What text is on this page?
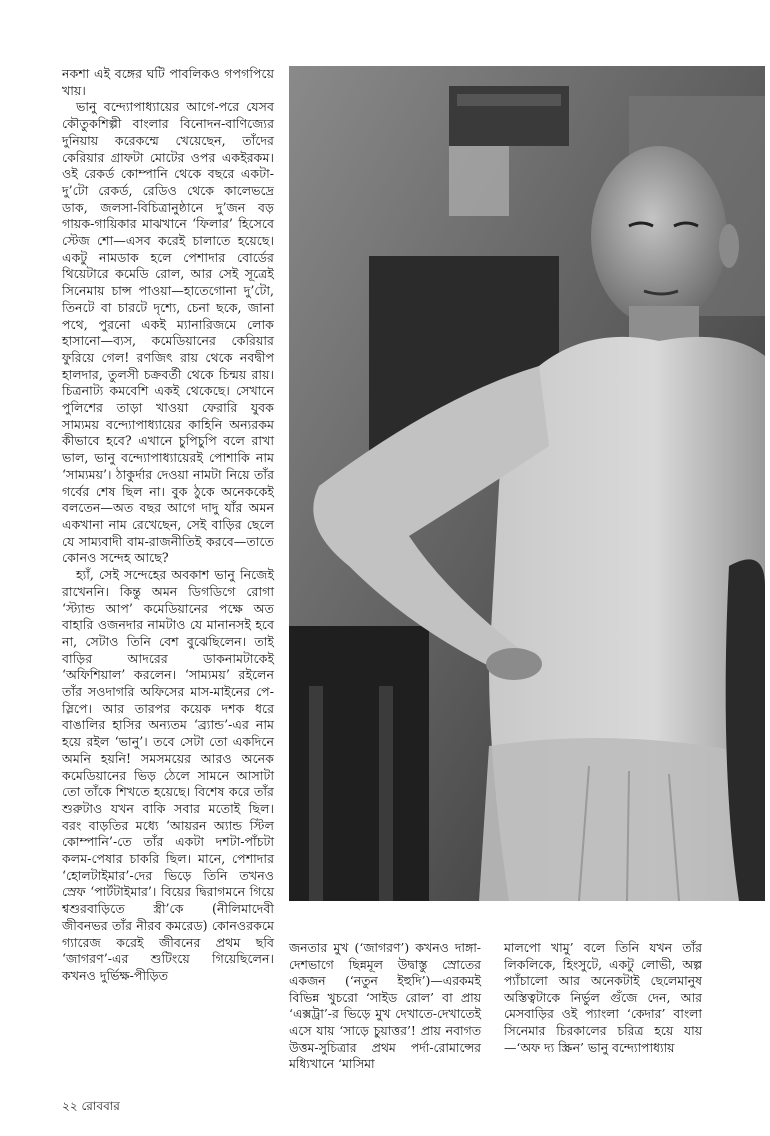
নকশা এই বঙ্গের ঘটি পাবলিকও গপগপিয়ে খায়।

ভানু বন্দ্যোপাধ্যায়ের আগে-পরে যেসব কৌতুকশিল্পী বাংলার বিনোদন-বাণিজ্যের দুনিয়ায় করেকম্মে খেয়েছেন, তাঁদের কেরিয়ার গ্রাফটা মোটের ওপর একইরকম। ওই রেকর্ড কোম্পানি থেকে বছরে একটা-দু’টো রেকর্ড, রেডিও থেকে কালেভদ্রে ডাক, জলসা-বিচিত্রানুষ্ঠানে দু’জন বড় গায়ক-গায়িকার মাঝখানে ‘ফিলার’ হিসেবে স্টেজ শো—এসব করেই চালাতে হয়েছে। একটু নামডাক হলে পেশাদার বোর্ডের থিয়েটারে কমেডি রোল, আর সেই সূত্রেই সিনেমায় চান্স পাওয়া—হাতেগোনা দু’টো, তিনটে বা চারটে দৃশ্যে, চেনা ছকে, জানা পথে, পুরনো একই ম্যানারিজমে লোক হাসানো—ব্যস, কমেডিয়ানের কেরিয়ার ফুরিয়ে গেল! রণজিৎ রায় থেকে নবদ্বীপ হালদার, তুলসী চক্রবর্তী থেকে চিন্ময় রায়। চিত্রনাট্য কমবেশি একই থেকেছে। সেখানে পুলিশের তাড়া খাওয়া ফেরারি যুবক সাম্যময় বন্দ্যোপাধ্যায়ের কাহিনি অন্যরকম কীভাবে হবে? এখানে চুপিচুপি বলে রাখা ভাল, ভানু বন্দ্যোপাধ্যায়েরই পোশাকি নাম ‘সাম্যময়’। ঠাকুর্দার দেওয়া নামটা নিয়ে তাঁর গর্বের শেষ ছিল না। বুক ঠুকে অনেককেই বলতেন—অত বছর আগে দাদু যাঁর অমন একখানা নাম রেখেছেন, সেই বাড়ির ছেলে যে সাম্যবাদী বাম-রাজনীতিই করবে—তাতে কোনও সন্দেহ আছে?

হ্যাঁ, সেই সন্দেহের অবকাশ ভানু নিজেই রাখেননি। কিন্তু অমন ডিগডিগে রোগা ‘স্ট্যান্ড আপ’ কমেডিয়ানের পক্ষে অত বাহারি ওজনদার নামটাও যে মানানসই হবে না, সেটাও তিনি বেশ বুঝেছিলেন। তাই বাড়ির আদরের ডাকনামটাকেই ‘অফিশিয়াল’ করলেন। ‘সাম্যময়’ রইলেন তাঁর সওদাগরি অফিসের মাস-মাইনের পে-স্লিপে। আর তারপর কয়েক দশক ধরে বাঙালির হাসির অন্যতম ‘ব্র্যান্ড’-এর নাম হয়ে রইল ‘ভানু’। তবে সেটা তো একদিনে অমনি হয়নি! সমসময়ের আরও অনেক কমেডিয়ানের ভিড় ঠেলে সামনে আসাটা তো তাঁকে শিখতে হয়েছে। বিশেষ করে তাঁর শুরুটাও যখন বাকি সবার মতোই ছিল। বরং বাড়তির মধ্যে ‘আয়রন অ্যান্ড স্টিল কোম্পানি’-তে তাঁর একটা দশটা-পাঁচটা কলম-পেষার চাকরি ছিল। মানে, পেশাদার ‘হোলটাইমার’-দের ভিড়ে তিনি তখনও স্রেফ ‘পার্টটাইমার’। বিয়ের দ্বিরাগমনে গিয়ে শ্বশুরবাড়িতে স্ত্রী’কে (নীলিমাদেবী জীবনভর তাঁর নীরব কমরেড) কোনওরকমে গ্যারেজ করেই জীবনের প্রথম ছবি ‘জাগরণ’-এর শুটিংয়ে গিয়েছিলেন। কখনও দুর্ভিক্ষ-পীড়িত

জনতার মুখ (‘জাগরণ’) কখনও দাঙ্গা-দেশভাগে ছিন্নমূল উদ্বাস্তু স্রোতের একজন (‘নতুন ইহুদি’)—এরকমই বিভিন্ন খুচরো ‘সাইড রোল’ বা প্রায় ‘এক্সট্রা’-র ভিড়ে মুখ দেখাতে-দেখাতেই এসে যায় ‘সাড়ে চুয়াত্তর’! প্রায় নবাগত উত্তম-সুচিত্রার প্রথম পর্দা-রোমান্সের মধ্যিখানে ‘মাসিমা

মালপো খামু’ বলে তিনি যখন তাঁর লিকলিকে, হিংসুটে, একটু লোভী, অল্প প্যাঁচালো আর অনেকটাই ছেলেমানুষ অস্তিত্বটাকে নির্ভুল গুঁজে দেন, আর মেসবাড়ির ওই প্যাংলা ‘কেদার’ বাংলা সিনেমার চিরকালের চরিত্র হয়ে যায়—‘অফ দ্য স্ক্রিন’ ভানু বন্দ্যোপাধ্যায়

২২ রোববার
